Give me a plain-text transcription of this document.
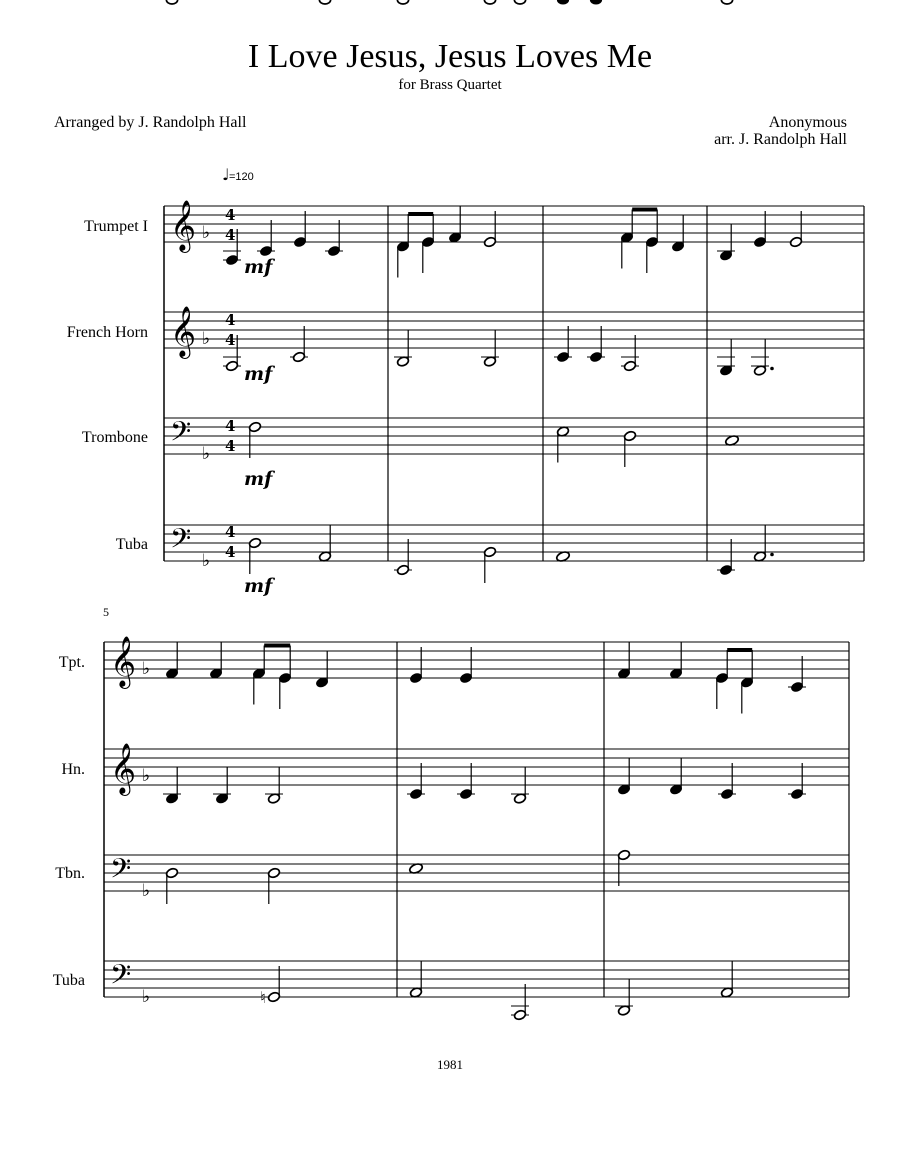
I Love Jesus, Jesus Loves Me
for Brass Quartet
Arranged by J. Randolph Hall	Anonymous
arr. J. Randolph Hall
♩ =120
Trumpet I
French Horn
Trombone
Tuba
5
Tpt.
Hn.
Tbn.
Tuba
mf
mf
mf
mf
4
4
4
4
4
4
4
4
𝄞 ♭
𝄞 ♭
𝄢 ♭
𝄢 ♭
𝄞 ♭
𝄞 ♭
𝄢 ♭
𝄢 ♭	♮
1981
